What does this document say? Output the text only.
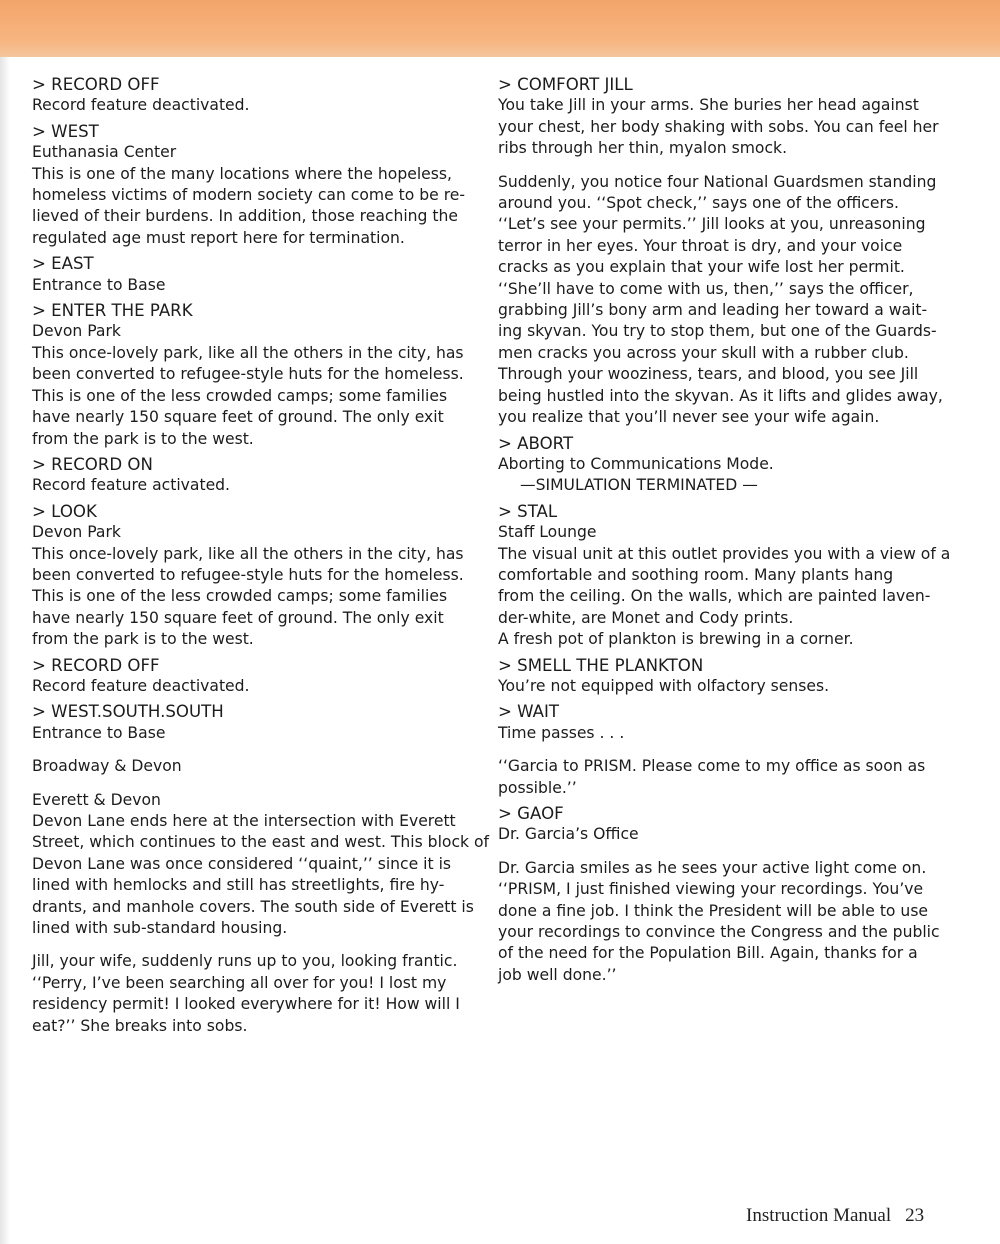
> RECORD OFF
Record feature deactivated.
> WEST
Euthanasia Center
This is one of the many locations where the hopeless,
homeless victims of modern society can come to be re-
lieved of their burdens. In addition, those reaching the
regulated age must report here for termination.
> EAST
Entrance to Base
> ENTER THE PARK
Devon Park
This once-lovely park, like all the others in the city, has
been converted to refugee-style huts for the homeless.
This is one of the less crowded camps; some families
have nearly 150 square feet of ground. The only exit
from the park is to the west.
> RECORD ON
Record feature activated.
> LOOK
Devon Park
This once-lovely park, like all the others in the city, has
been converted to refugee-style huts for the homeless.
This is one of the less crowded camps; some families
have nearly 150 square feet of ground. The only exit
from the park is to the west.
> RECORD OFF
Record feature deactivated.
> WEST.SOUTH.SOUTH
Entrance to Base
Broadway & Devon
Everett & Devon
Devon Lane ends here at the intersection with Everett
Street, which continues to the east and west. This block of
Devon Lane was once considered ‘‘quaint,’’ since it is
lined with hemlocks and still has streetlights, fire hy-
drants, and manhole covers. The south side of Everett is
lined with sub-standard housing.
Jill, your wife, suddenly runs up to you, looking frantic.
‘‘Perry, I’ve been searching all over for you! I lost my
residency permit! I looked everywhere for it! How will I
eat?’’ She breaks into sobs.
> COMFORT JILL
You take Jill in your arms. She buries her head against
your chest, her body shaking with sobs. You can feel her
ribs through her thin, myalon smock.
Suddenly, you notice four National Guardsmen standing
around you. ‘‘Spot check,’’ says one of the officers.
‘‘Let’s see your permits.’’ Jill looks at you, unreasoning
terror in her eyes. Your throat is dry, and your voice
cracks as you explain that your wife lost her permit.
‘‘She’ll have to come with us, then,’’ says the officer,
grabbing Jill’s bony arm and leading her toward a wait-
ing skyvan. You try to stop them, but one of the Guards-
men cracks you across your skull with a rubber club.
Through your wooziness, tears, and blood, you see Jill
being hustled into the skyvan. As it lifts and glides away,
you realize that you’ll never see your wife again.
> ABORT
Aborting to Communications Mode.
—SIMULATION TERMINATED —
> STAL
Staff Lounge
The visual unit at this outlet provides you with a view of a
comfortable and soothing room. Many plants hang
from the ceiling. On the walls, which are painted laven-
der-white, are Monet and Cody prints.
A fresh pot of plankton is brewing in a corner.
> SMELL THE PLANKTON
You’re not equipped with olfactory senses.
> WAIT
Time passes . . .
‘‘Garcia to PRISM. Please come to my office as soon as
possible.’’
> GAOF
Dr. Garcia’s Office
Dr. Garcia smiles as he sees your active light come on.
‘‘PRISM, I just finished viewing your recordings. You’ve
done a fine job. I think the President will be able to use
your recordings to convince the Congress and the public
of the need for the Population Bill. Again, thanks for a
job well done.’’
Instruction Manual 23
